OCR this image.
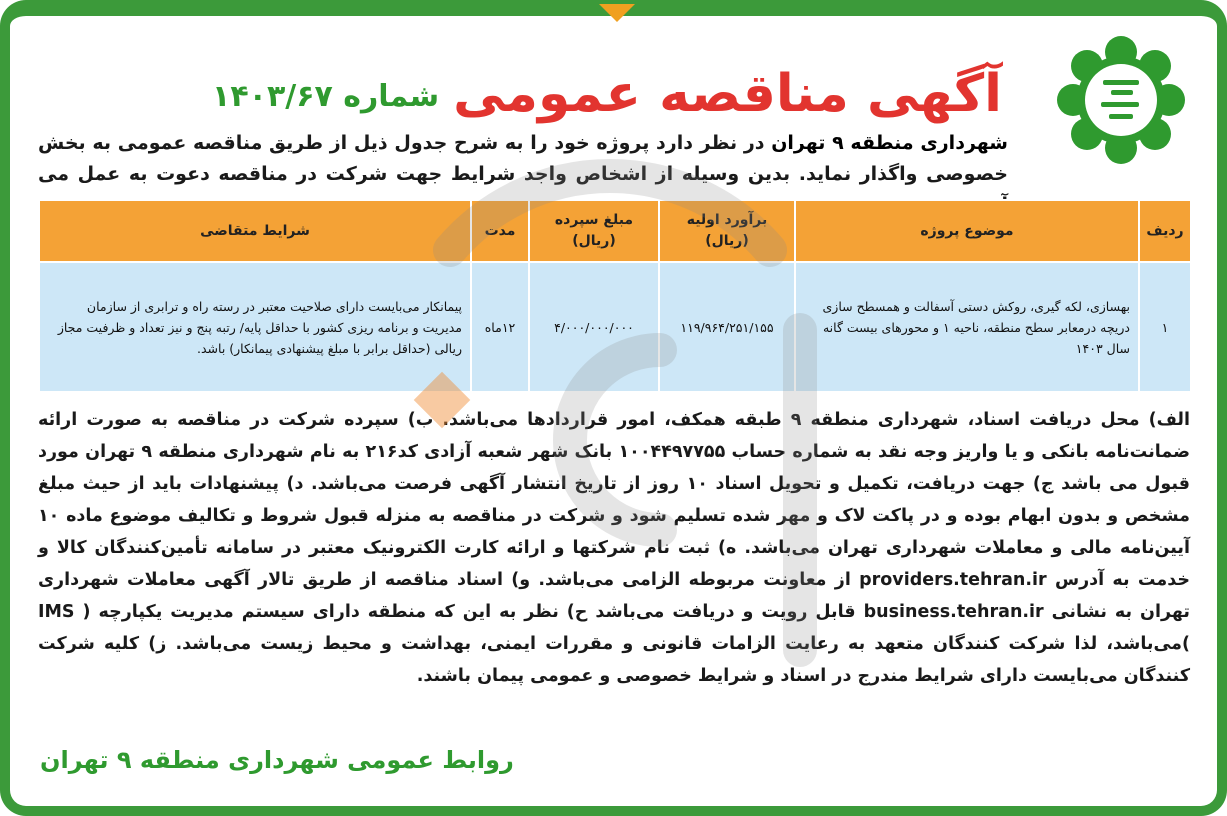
آگهی مناقصه عمومی
شماره ۱۴۰۳/۶۷
شهرداری منطقه ۹ تهران در نظر دارد پروژه خود را به شرح جدول ذیل از طریق مناقصه عمومی به بخش خصوصی واگذار نماید. بدین وسیله از اشخاص واجد شرایط جهت شرکت در مناقصه دعوت به عمل می
ردیف	موضوع پروژه	برآورد اولیه (ریال)	مبلغ سپرده (ریال)	مدت	شرایط متقاضی
۱	بهسازی، لکه گیری، روکش دستی آسفالت و همسطح سازی دریچه درمعابر سطح منطقه، ناحیه ۱ و محورهای بیست گانه سال ۱۴۰۳	۱۱۹/۹۶۴/۲۵۱/۱۵۵	۴/۰۰۰/۰۰۰/۰۰۰	۱۲ماه	پیمانکار می‌بایست دارای صلاحیت معتبر در رسته راه و ترابری از سازمان مدیریت و برنامه ریزی کشور با حداقل پایه/ رتبه پنج و نیز تعداد و ظرفیت مجاز ریالی (حداقل برابر با مبلغ پیشنهادی پیمانکار) باشد.
الف) محل دریافت اسناد، شهرداری منطقه ۹ طبقه همکف، امور قراردادها می‌باشد. ب) سپرده شرکت در مناقصه به صورت ارائه ضمانت‌نامه بانکی و یا واریز وجه نقد به شماره حساب ۱۰۰۴۴۹۷۷۵۵ بانک شهر شعبه آزادی کد۲۱۶ به نام شهرداری منطقه ۹ تهران مورد قبول می باشد ج) جهت دریافت، تکمیل و تحویل اسناد ۱۰ روز از تاریخ انتشار آگهی فرصت می‌باشد. د) پیشنهادات باید از حیث مبلغ مشخص و بدون ابهام بوده و در پاکت لاک و مهر شده تسلیم شود و شرکت در مناقصه به منزله قبول شروط و تکالیف موضوع ماده ۱۰ آیین‌نامه مالی و معاملات شهرداری تهران می‌باشد. ه) ثبت نام شرکتها و ارائه کارت الکترونیک معتبر در سامانه تأمین‌کنندگان کالا و خدمت به آدرس providers.tehran.ir از معاونت مربوطه الزامی می‌باشد. و) اسناد مناقصه از طریق تالار آگهی معاملات شهرداری تهران به نشانی business.tehran.ir قابل رویت و دریافت می‌باشد ح) نظر به این که منطقه دارای سیستم مدیریت یکپارچه ( IMS )می‌باشد، لذا شرکت کنندگان متعهد به رعایت الزامات قانونی و مقررات ایمنی، بهداشت و محیط زیست می‌باشد. ز) کلیه شرکت کنندگان می‌بایست دارای شرایط مندرج در اسناد و شرایط خصوصی و عمومی پیمان باشند.
روابط عمومی شهرداری منطقه ۹ تهران
